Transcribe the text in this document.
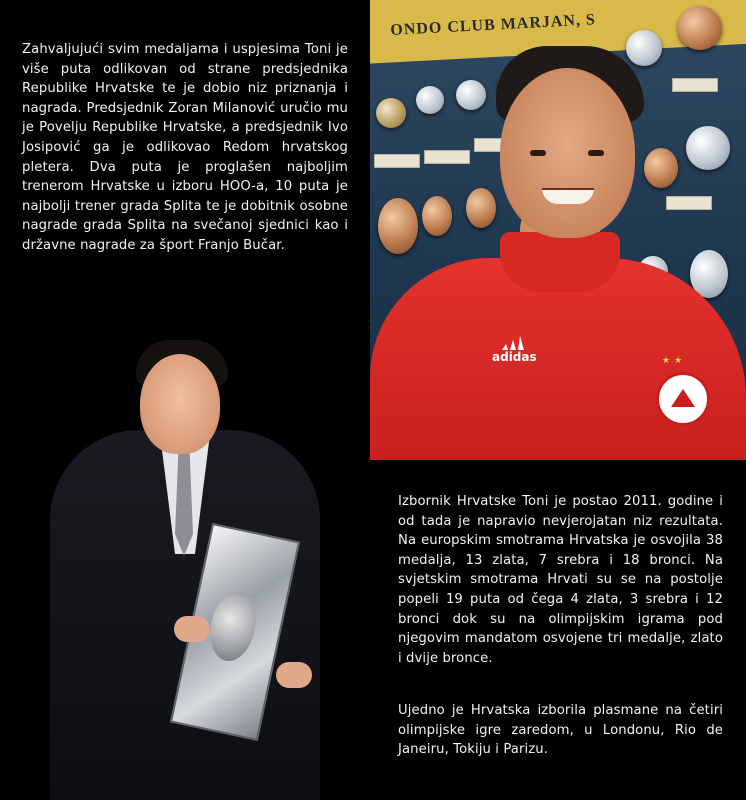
Zahvaljujući svim medaljama i uspjesima Toni je više puta odlikovan od strane predsjednika Republike Hrvatske te je dobio niz priznanja i nagrada. Predsjednik Zoran Milanović uručio mu je Povelju Republike Hrvatske, a predsjednik Ivo Josipović ga je odlikovao Redom hrvatskog pletera. Dva puta je proglašen najboljim trenerom Hrvatske u izboru HOO-a, 10 puta je najbolji trener grada Splita te je dobitnik osobne nagrade grada Splita na svečanoj sjednici kao i državne nagrade za šport Franjo Bučar.

ONDO CLUB MARJAN, S
adidas	★★

Izbornik Hrvatske Toni je postao 2011. godine i od tada je napravio nevjerojatan niz rezultata. Na europskim smotrama Hrvatska je osvojila 38 medalja, 13 zlata, 7 srebra i 18 bronci. Na svjetskim smotrama Hrvati su se na postolje popeli 19 puta od čega 4 zlata, 3 srebra i 12 bronci dok su na olimpijskim igrama pod njegovim mandatom osvojene tri medalje, zlato i dvije bronce.

Ujedno je Hrvatska izborila plasmane na četiri olimpijske igre zaredom, u Londonu, Rio de Janeiru, Tokiju i Parizu.
